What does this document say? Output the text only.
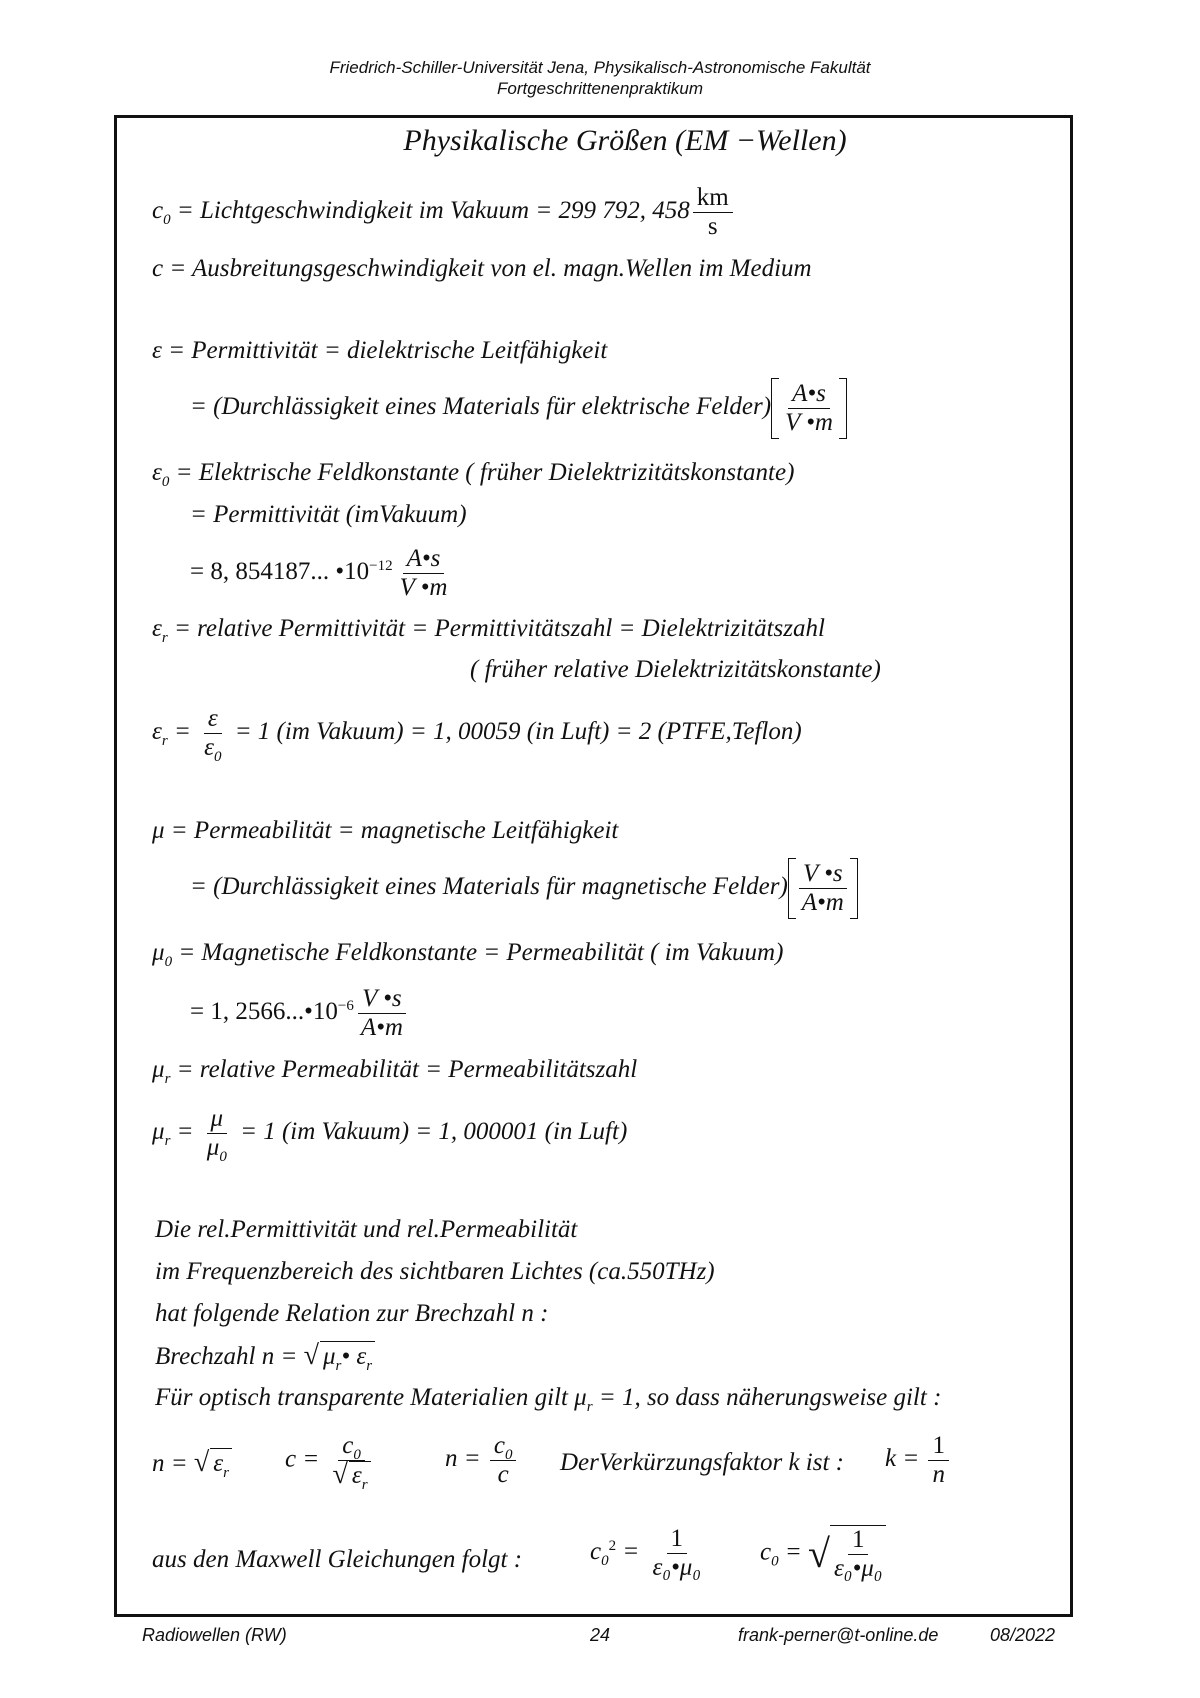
Friedrich-Schiller-Universität Jena, Physikalisch-Astronomische Fakultät
Fortgeschrittenenpraktikum
Physikalische Größen (EM −Wellen)
$c_0$ = Lichtgeschwindigkeit im Vakuum = 299 792, $458 \frac{km}{s}$
c = Ausbreitungsgeschwindigkeit von el. magn.Wellen im Medium
ε = Permittivität = dielektrische Leitfähigkeit
= (Durchlässigkeit eines Materials für elektrische Felder) $\frac{A•s}{V •m}$
$\varepsilon_0$ = Elektrische Feldkonstante ( früher Dielektrizitätskonstante)
= Permittivität (imVakuum)
= 8, 854187... $•10^{-12} \frac{A•s}{V •m}$
$\varepsilon_r$ = relative Permittivität = Permittivitätszahl = Dielektrizitätszahl
( früher relative Dielektrizitätskonstante)
$\varepsilon_r = \frac{\varepsilon}{\varepsilon_0} = 1$ (im Vakuum) = 1, 00059 (in Luft) = 2 (PTFE,Teflon)
μ = Permeabilität = magnetische Leitfähigkeit
= (Durchlässigkeit eines Materials für magnetische Felder) $\frac{V •s}{A•m}$
$\mu_0$ = Magnetische Feldkonstante = Permeabilität ( im Vakuum)
= 1, $2566...•10^{-6} \frac{V •s}{A•m}$
$\mu_r$ = relative Permeabilität = Permeabilitätszahl
$\mu_r = \frac{\mu}{\mu_0} = 1$ (im Vakuum) = 1, 000001 (in Luft)
Die rel.Permittivität und rel.Permeabilität
im Frequenzbereich des sichtbaren Lichtes (ca.550THz)
hat folgende Relation zur Brechzahl n :
Brechzahl n = √ $\mu_r•$ $\varepsilon_r$
Für optisch transparente Materialien gilt $\mu_r = 1$, so dass näherungsweise gilt :
n = √ $\varepsilon_r$
$c = \frac{c_0}{√ \varepsilon_r}$	$n = \frac{c_0}{c}$ DerVerkürzungsfaktor k ist : $k = \frac{1}{n}$
aus den Maxwell Gleichungen folgt :	$c_0^2 = \frac{1}{\text{ε₀•μ₀}} c_0$ = √ $\frac{1}{\text{ε₀•μ₀}}$
Radiowellen (RW)	24	frank-perner@t-online.de	08/2022
